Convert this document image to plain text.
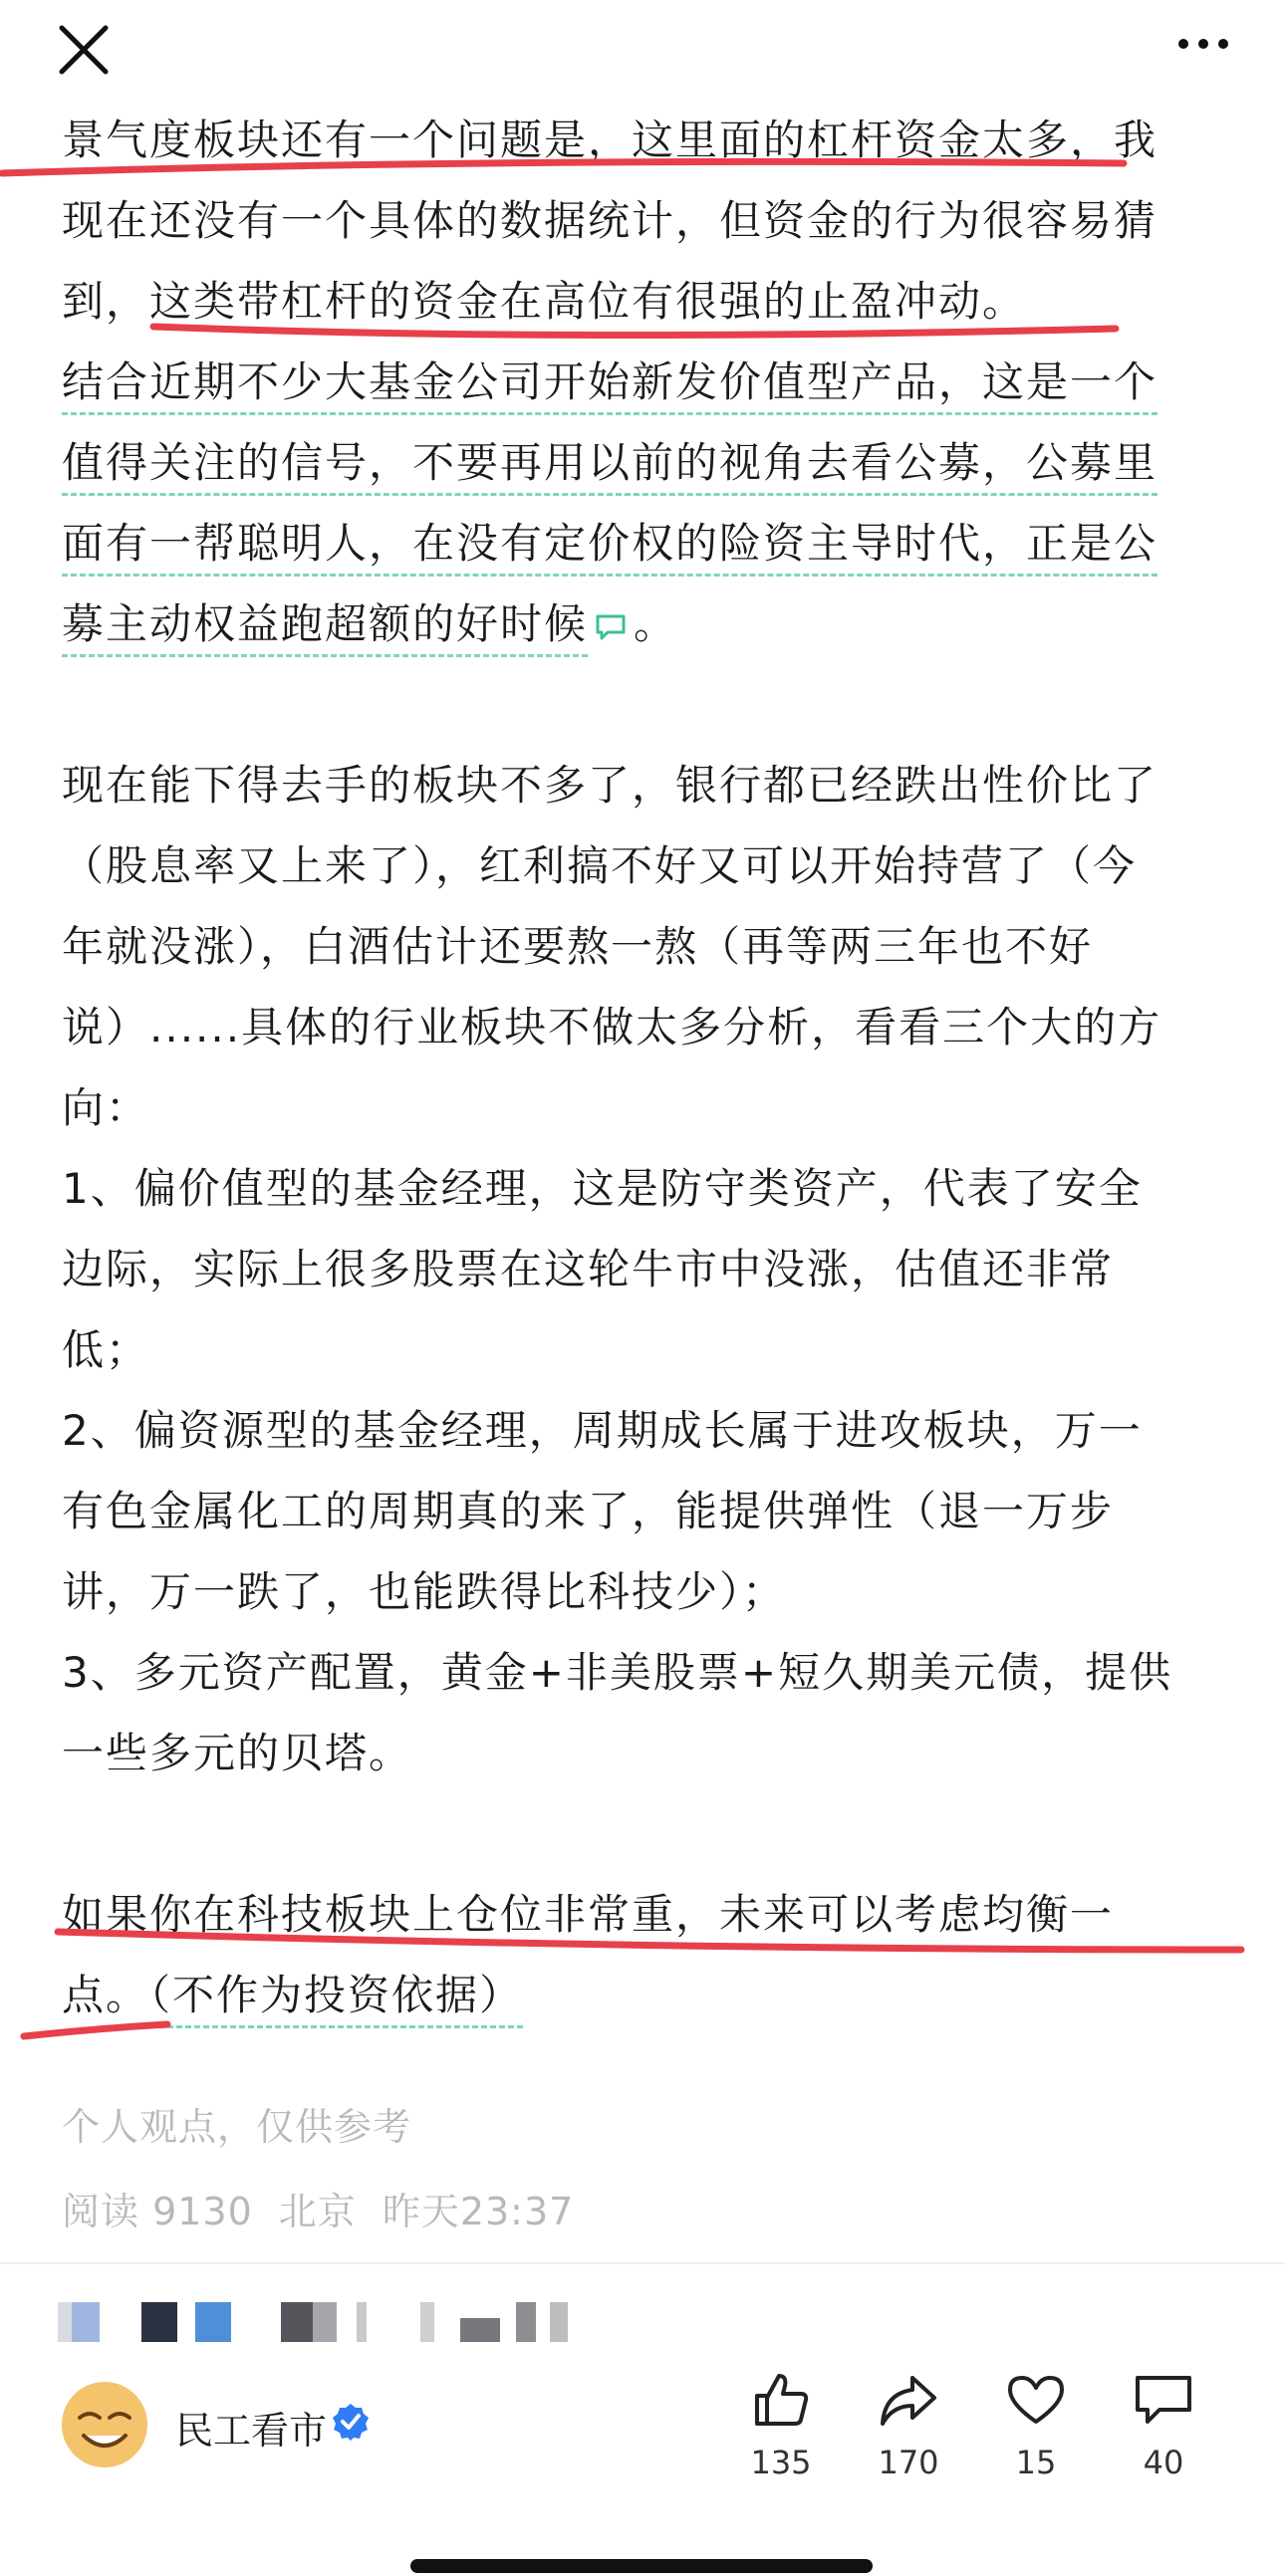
景气度板块还有一个问题是，这里面的杠杆资金太多，我
现在还没有一个具体的数据统计，但资金的行为很容易猜
到，这类带杠杆的资金在高位有很强的止盈冲动。
结合近期不少大基金公司开始新发价值型产品，这是一个
值得关注的信号，不要再用以前的视角去看公募，公募里
面有一帮聪明人，在没有定价权的险资主导时代，正是公
募主动权益跑超额的好时候 。
现在能下得去手的板块不多了，银行都已经跌出性价比了
（股息率又上来了），红利搞不好又可以开始持营了（今
年就没涨），白酒估计还要熬一熬（再等两三年也不好
说）......具体的行业板块不做太多分析，看看三个大的方
向：
1、偏价值型的基金经理，这是防守类资产，代表了安全
边际，实际上很多股票在这轮牛市中没涨，估值还非常
低；
2、偏资源型的基金经理，周期成长属于进攻板块，万一
有色金属化工的周期真的来了，能提供弹性（退一万步
讲，万一跌了，也能跌得比科技少）；
3、多元资产配置，黄金+非美股票+短久期美元债，提供
一些多元的贝塔。
如果你在科技板块上仓位非常重，未来可以考虑均衡一
点。（不作为投资依据）
个人观点，仅供参考
阅读 9130 北京 昨天23:37
民工看市
135	170	15	40
